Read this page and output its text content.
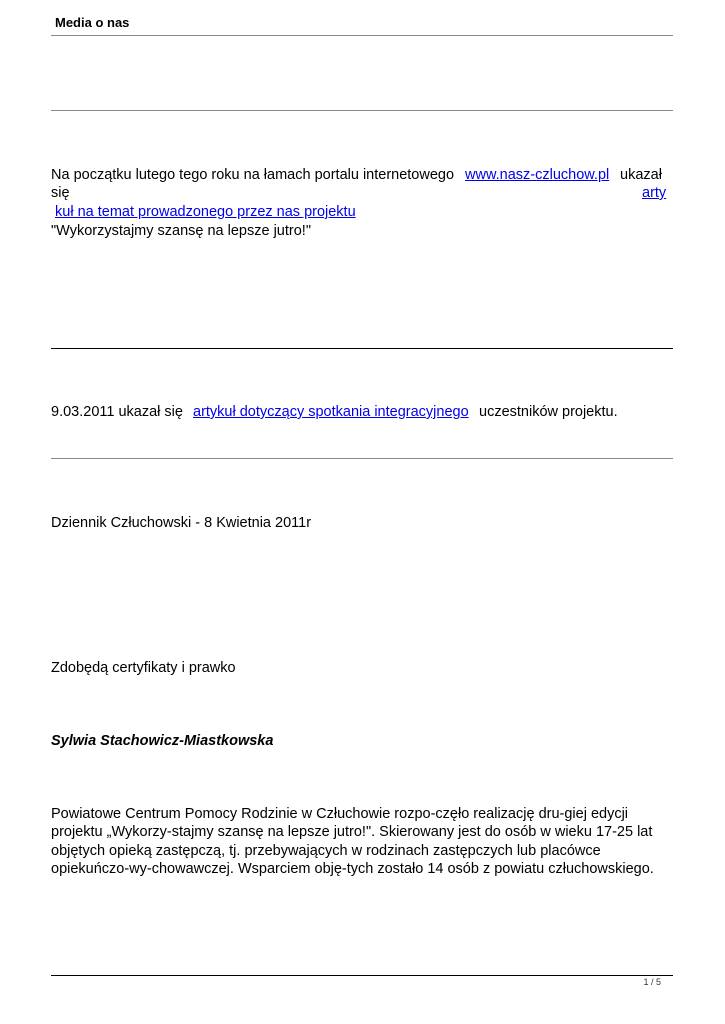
Media o nas
Na początku lutego tego roku na łamach portalu internetowego www.nasz-czluchow.pl ukazał
się	arty
kuł na temat prowadzonego przez nas projektu
"Wykorzystajmy szansę na lepsze jutro!"
9.03.2011 ukazał się artykuł dotyczący spotkania integracyjnego uczestników projektu.
Dziennik Człuchowski - 8 Kwietnia 2011r
Zdobędą certyfikaty i prawko
Sylwia Stachowicz-Miastkowska
Powiatowe Centrum Pomocy Rodzinie w Człuchowie rozpo-częło realizację dru-giej edycji
projektu „Wykorzy-stajmy szansę na lepsze jutro!". Skierowany jest do osób w wieku 17-25 lat
objętych opieką zastępczą, tj. przebywających w rodzinach zastępczych lub placówce
opiekuńczo-wy-chowawczej. Wsparciem obję-tych zostało 14 osób z powiatu człuchowskiego.
1 / 5
